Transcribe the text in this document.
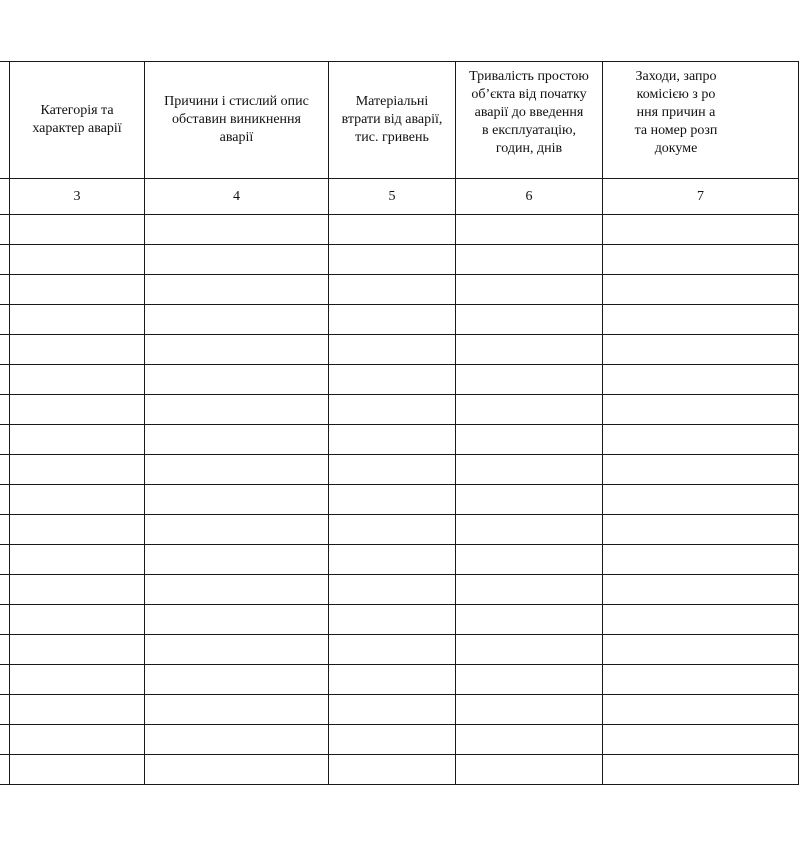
	Категорія та
характер аварії	Причини і стислий опис
обставин виникнення
аварії	Матеріальні
втрати від аварії,
тис. гривень	Тривалість простою
об’єкта від початку
аварії до введення
в експлуатацію,
годин, днів	Заходи, запро
комісією з ро
ння причин а
та номер розп
докуме

	3	4	5	6	7
